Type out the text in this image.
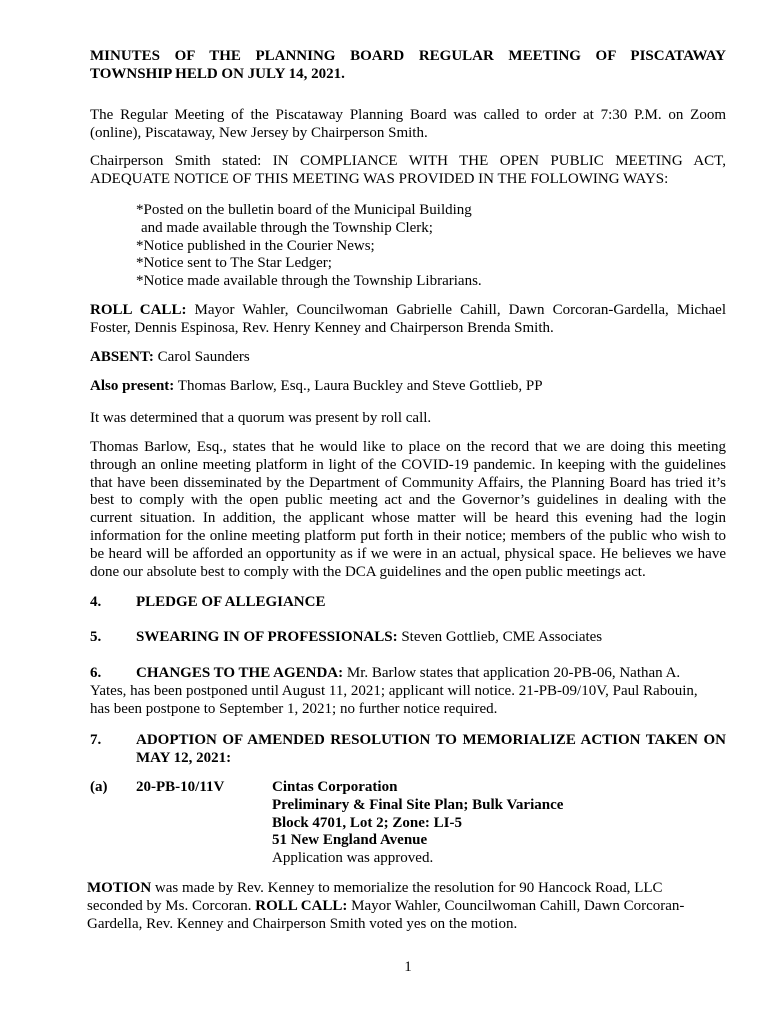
MINUTES OF THE PLANNING BOARD REGULAR MEETING OF PISCATAWAY
TOWNSHIP HELD ON JULY 14, 2021.
The Regular Meeting of the Piscataway Planning Board was called to order at 7:30 P.M. on Zoom
(online), Piscataway, New Jersey by Chairperson Smith.
Chairperson Smith stated: IN COMPLIANCE WITH THE OPEN PUBLIC MEETING ACT,
ADEQUATE NOTICE OF THIS MEETING WAS PROVIDED IN THE FOLLOWING WAYS:
*Posted on the bulletin board of the Municipal Building
and made available through the Township Clerk;
*Notice published in the Courier News;
*Notice sent to The Star Ledger;
*Notice made available through the Township Librarians.
ROLL CALL: Mayor Wahler, Councilwoman Gabrielle Cahill, Dawn Corcoran-Gardella, Michael
Foster, Dennis Espinosa, Rev. Henry Kenney and Chairperson Brenda Smith.
ABSENT: Carol Saunders
Also present: Thomas Barlow, Esq., Laura Buckley and Steve Gottlieb, PP
It was determined that a quorum was present by roll call.
Thomas Barlow, Esq., states that he would like to place on the record that we are doing this meeting
through an online meeting platform in light of the COVID-19 pandemic. In keeping with the guidelines
that have been disseminated by the Department of Community Affairs, the Planning Board has tried it’s
best to comply with the open public meeting act and the Governor’s guidelines in dealing with the
current situation. In addition, the applicant whose matter will be heard this evening had the login
information for the online meeting platform put forth in their notice; members of the public who wish to
be heard will be afforded an opportunity as if we were in an actual, physical space. He believes we have
done our absolute best to comply with the DCA guidelines and the open public meetings act.
4. PLEDGE OF ALLEGIANCE
5. SWEARING IN OF PROFESSIONALS: Steven Gottlieb, CME Associates
6. CHANGES TO THE AGENDA: Mr. Barlow states that application 20-PB-06, Nathan A.
Yates, has been postponed until August 11, 2021; applicant will notice. 21-PB-09/10V, Paul Rabouin,
has been postpone to September 1, 2021; no further notice required.
7.	ADOPTION OF AMENDED RESOLUTION TO MEMORIALIZE ACTION TAKEN ON
MAY 12, 2021:
(a)	20-PB-10/11V	Cintas Corporation
Preliminary & Final Site Plan; Bulk Variance
Block 4701, Lot 2; Zone: LI-5
51 New England Avenue
Application was approved.
MOTION was made by Rev. Kenney to memorialize the resolution for 90 Hancock Road, LLC
seconded by Ms. Corcoran. ROLL CALL: Mayor Wahler, Councilwoman Cahill, Dawn Corcoran-
Gardella, Rev. Kenney and Chairperson Smith voted yes on the motion.
1
